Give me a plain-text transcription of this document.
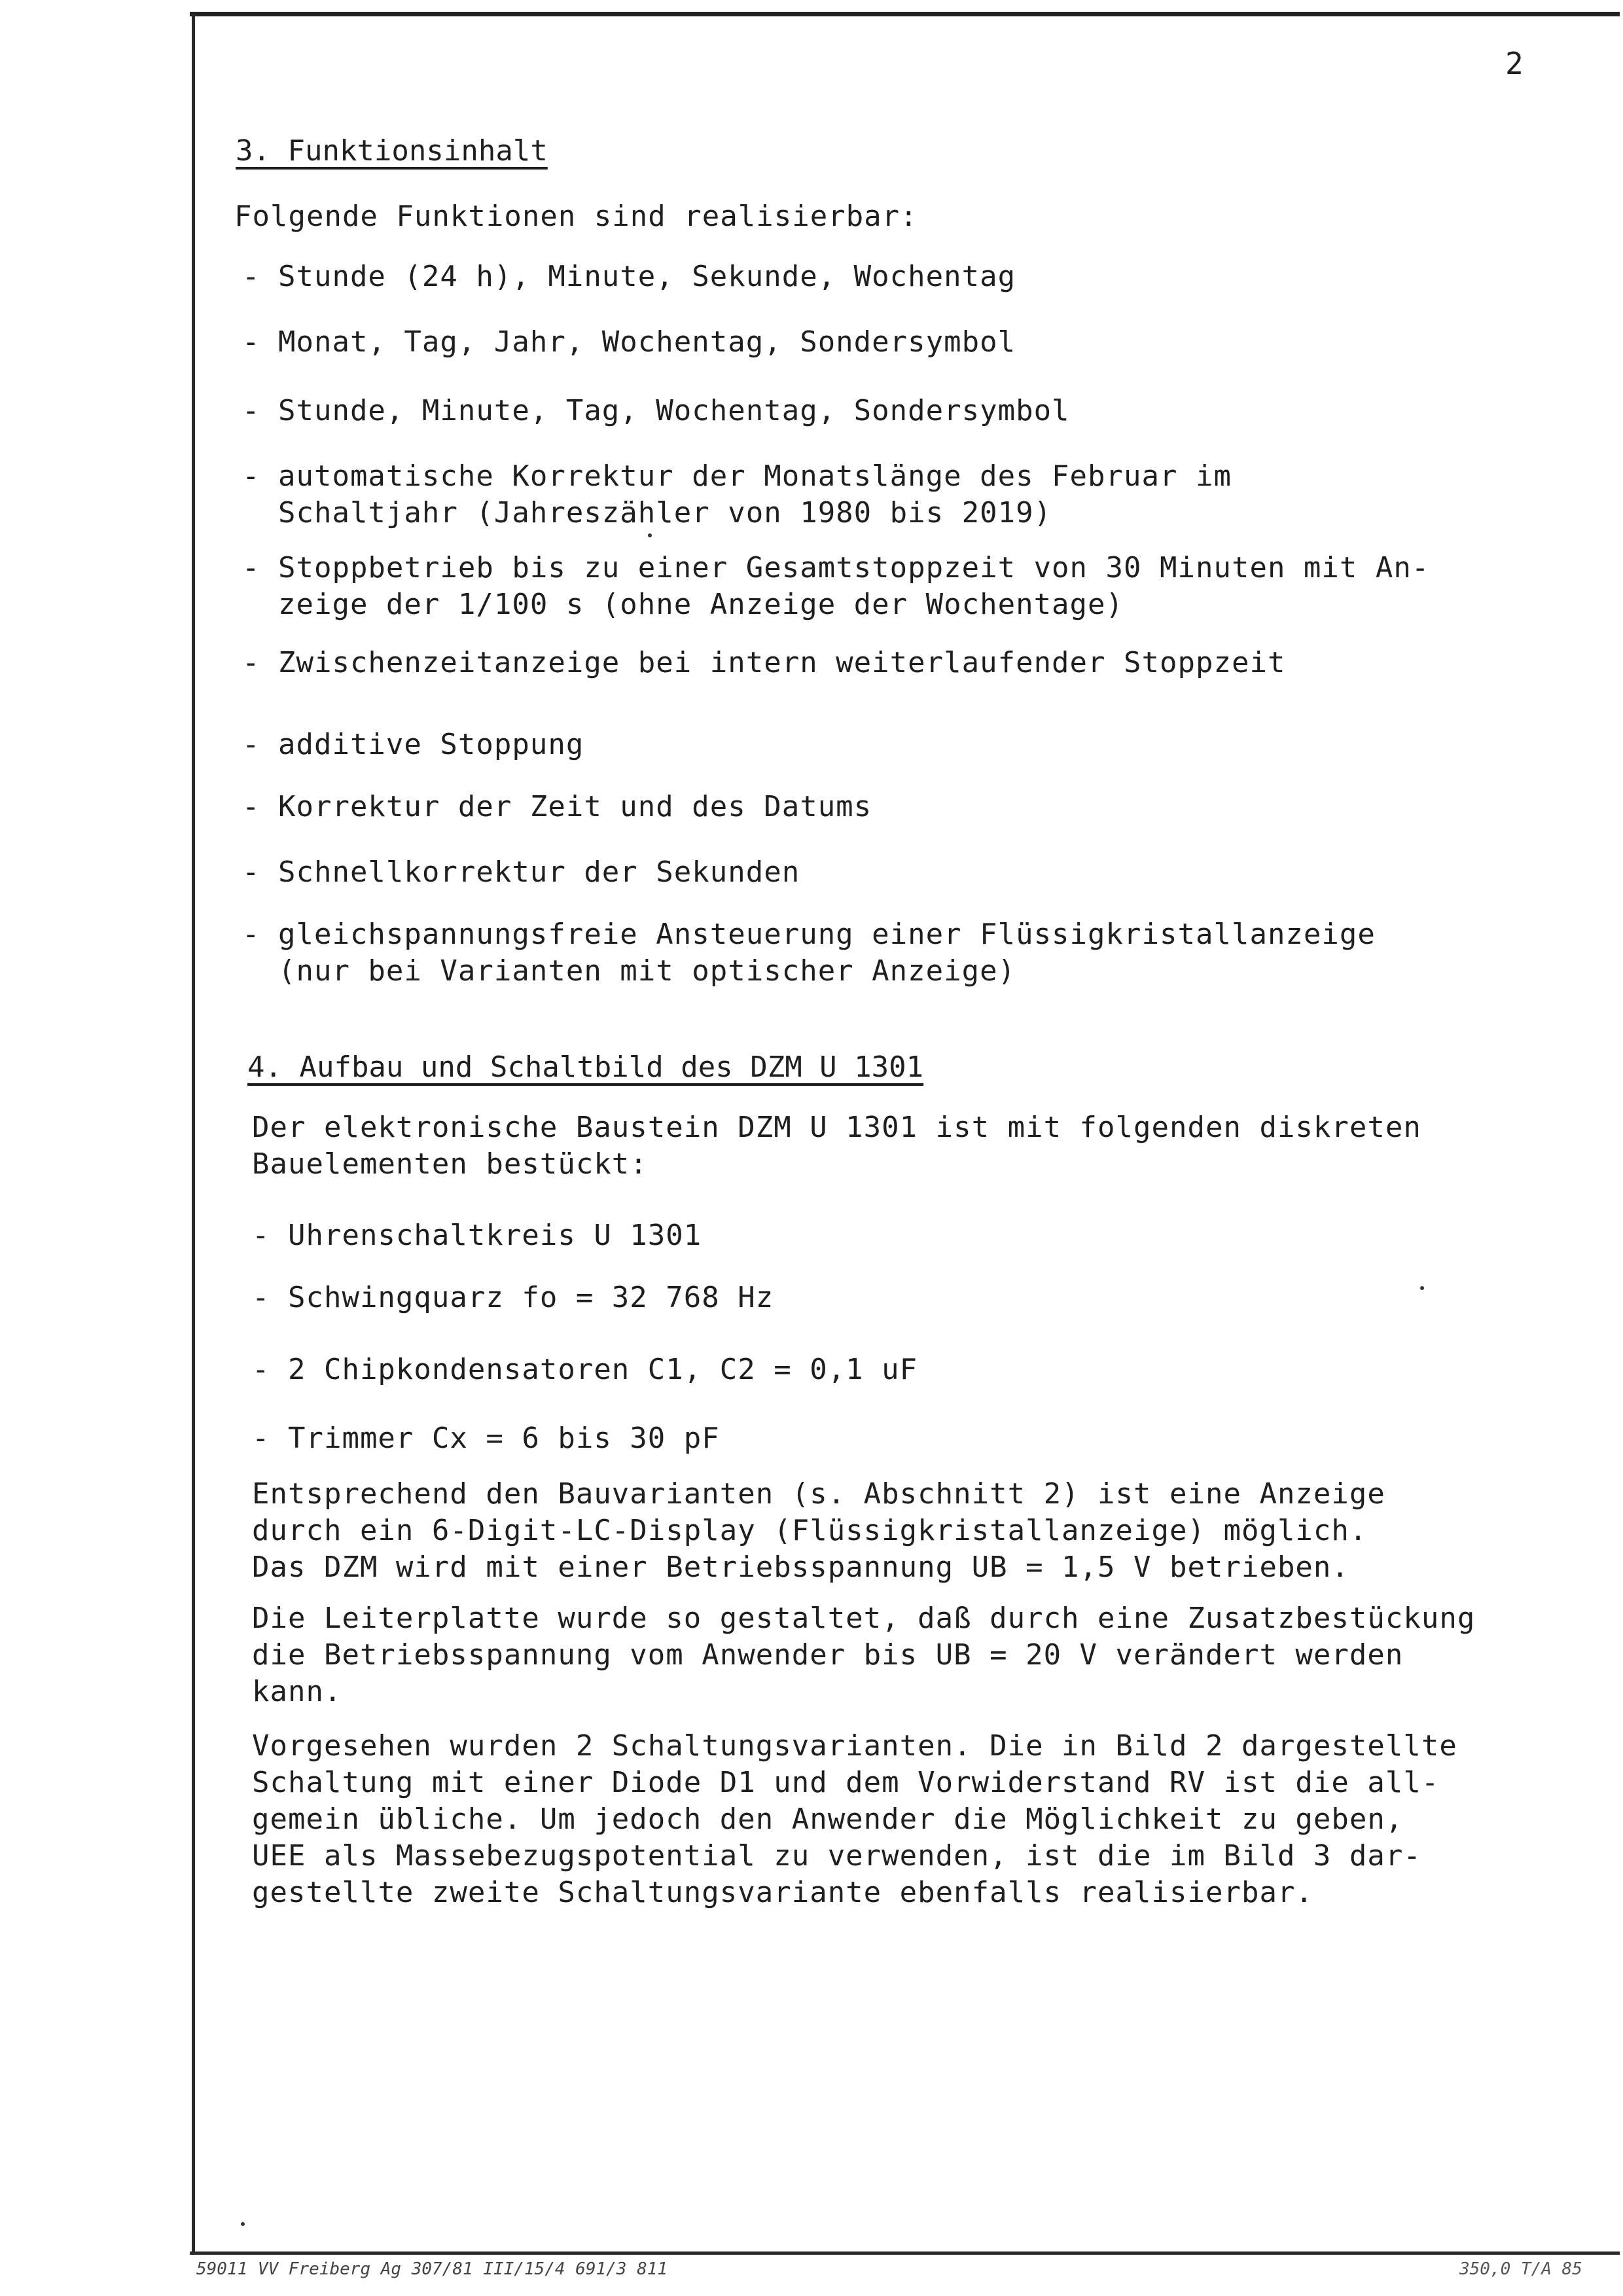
2
3. Funktionsinhalt
Folgende Funktionen sind realisierbar:
- Stunde (24 h), Minute, Sekunde, Wochentag
- Monat, Tag, Jahr, Wochentag, Sondersymbol
- Stunde, Minute, Tag, Wochentag, Sondersymbol
- automatische Korrektur der Monatslänge des Februar im
Schaltjahr (Jahreszähler von 1980 bis 2019)
- Stoppbetrieb bis zu einer Gesamtstoppzeit von 30 Minuten mit An-
zeige der 1/100 s (ohne Anzeige der Wochentage)
- Zwischenzeitanzeige bei intern weiterlaufender Stoppzeit
- additive Stoppung
- Korrektur der Zeit und des Datums
- Schnellkorrektur der Sekunden
- gleichspannungsfreie Ansteuerung einer Flüssigkristallanzeige
(nur bei Varianten mit optischer Anzeige)
4. Aufbau und Schaltbild des DZM U 1301
Der elektronische Baustein DZM U 1301 ist mit folgenden diskreten
Bauelementen bestückt:
- Uhrenschaltkreis U 1301
- Schwingquarz fo = 32 768 Hz
- 2 Chipkondensatoren C1, C2 = 0,1 uF
- Trimmer Cx = 6 bis 30 pF
Entsprechend den Bauvarianten (s. Abschnitt 2) ist eine Anzeige
durch ein 6-Digit-LC-Display (Flüssigkristallanzeige) möglich.
Das DZM wird mit einer Betriebsspannung UB = 1,5 V betrieben.
Die Leiterplatte wurde so gestaltet, daß durch eine Zusatzbestückung
die Betriebsspannung vom Anwender bis UB = 20 V verändert werden
kann.
Vorgesehen wurden 2 Schaltungsvarianten. Die in Bild 2 dargestellte
Schaltung mit einer Diode D1 und dem Vorwiderstand RV ist die all-
gemein übliche. Um jedoch den Anwender die Möglichkeit zu geben,
UEE als Massebezugspotential zu verwenden, ist die im Bild 3 dar-
gestellte zweite Schaltungsvariante ebenfalls realisierbar.
59011 VV Freiberg Ag 307/81 III/15/4 691/3 811	350,0 T/A 85
